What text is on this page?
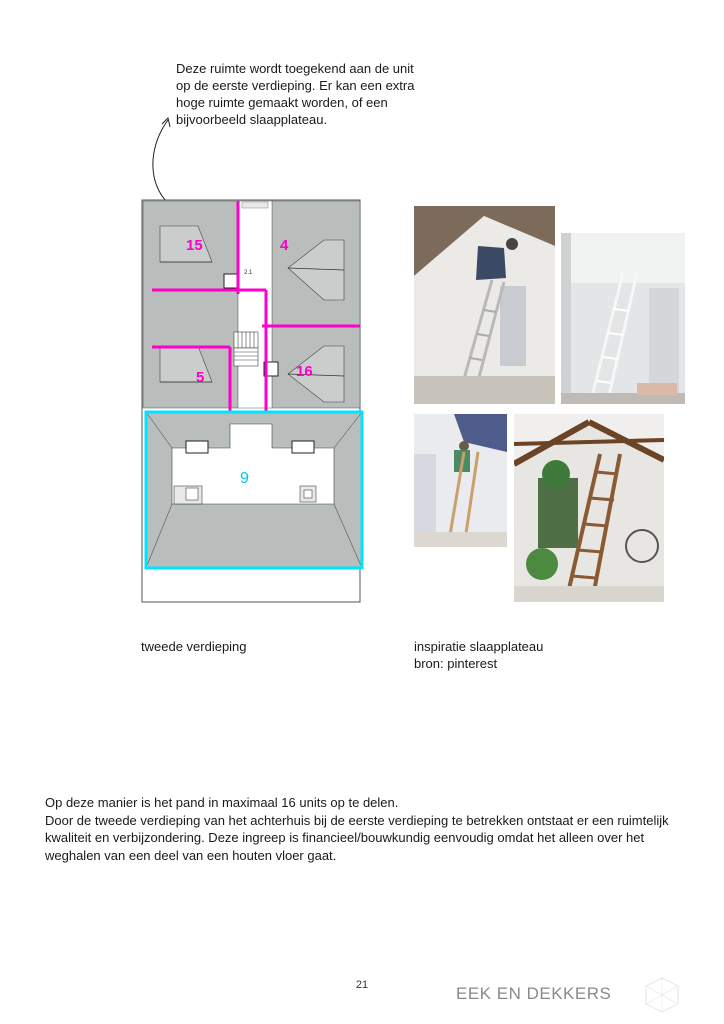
Deze ruimte wordt toegekend aan de unit op de eerste verdieping. Er kan een extra hoge ruimte gemaakt worden, of een bijvoorbeeld slaapplateau.
2.1
15	4
5	16
9
tweede verdieping	inspiratie slaapplateau
bron: pinterest

Op deze manier is het pand in maximaal 16 units op te delen.

Door de tweede verdieping van het achterhuis bij de eerste verdieping te betrekken ontstaat er een ruimtelijk kwaliteit en verbijzondering. Deze ingreep is financieel/bouwkundig eenvoudig omdat het alleen over het weghalen van een deel van een houten vloer gaat.

21	EEK EN DEKKERS
